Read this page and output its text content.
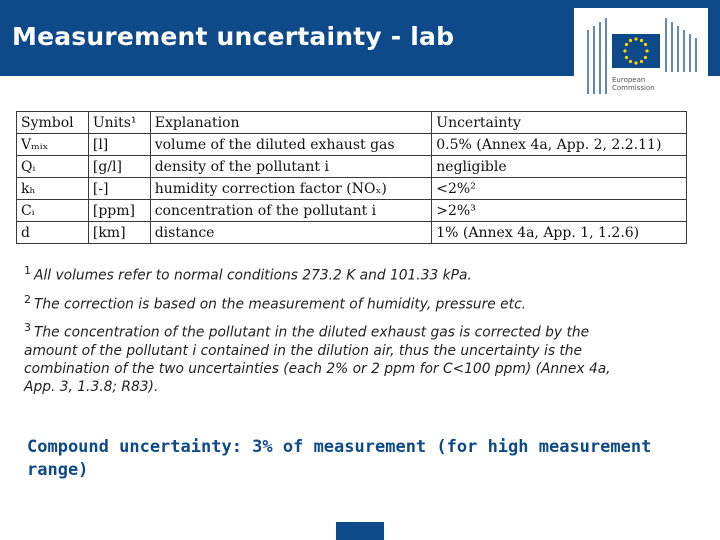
Measurement uncertainty - lab
European
Commission
Symbol	Units¹	Explanation	Uncertainty
Vₘᵢₓ	[l]	volume of the diluted exhaust gas	0.5% (Annex 4a, App. 2, 2.2.11)
Qᵢ	[g/l]	density of the pollutant i	negligible
kₕ	[-]	humidity correction factor (NOₓ)	<2%²
Cᵢ	[ppm]	concentration of the pollutant i	>2%³
d	[km]	distance	1% (Annex 4a, App. 1, 1.2.6)
$^1$ All volumes refer to normal conditions 273.2 K and 101.33 kPa.
$^2$ The correction is based on the measurement of humidity, pressure etc.
$^3$ The concentration of the pollutant in the diluted exhaust gas is corrected by the amount of the pollutant i contained in the dilution air, thus the uncertainty is the combination of the two uncertainties (each 2% or 2 ppm for C<100 ppm) (Annex 4a, App. 3, 1.3.8; R83).
Compound uncertainty: 3% of measurement (for high measurement range)
